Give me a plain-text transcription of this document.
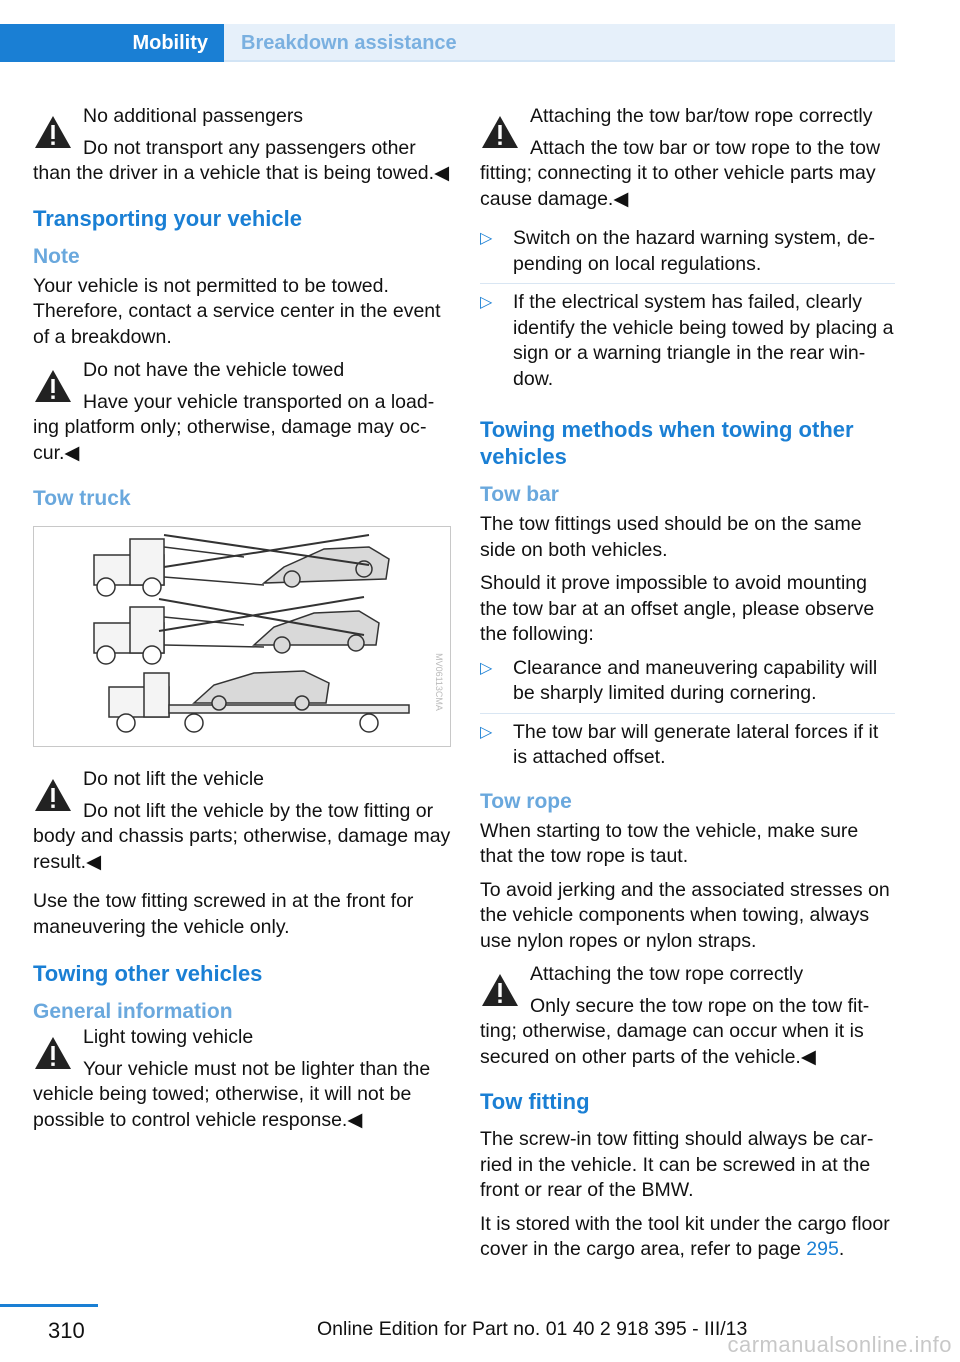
Mobility	Breakdown assistance
No additional passengers
Do not transport any passengers other than the driver in a vehicle that is being towed.◀
Transporting your vehicle
Note
Your vehicle is not permitted to be towed. Therefore, contact a service center in the event of a breakdown.
Do not have the vehicle towed
Have your vehicle transported on a loading platform only; otherwise, damage may occur.◀
Tow truck
MV06113CMA
Do not lift the vehicle
Do not lift the vehicle by the tow fitting or body and chassis parts; otherwise, damage may result.◀
Use the tow fitting screwed in at the front for maneuvering the vehicle only.
Towing other vehicles
General information
Light towing vehicle
Your vehicle must not be lighter than the vehicle being towed; otherwise, it will not be possible to control vehicle response.◀
Attaching the tow bar/tow rope correctly
Attach the tow bar or tow rope to the tow fitting; connecting it to other vehicle parts may cause damage.◀
▷ Switch on the hazard warning system, depending on local regulations.
▷ If the electrical system has failed, clearly identify the vehicle being towed by placing a sign or a warning triangle in the rear window.
Towing methods when towing other vehicles
Tow bar
The tow fittings used should be on the same side on both vehicles.
Should it prove impossible to avoid mounting the tow bar at an offset angle, please observe the following:
▷ Clearance and maneuvering capability will be sharply limited during cornering.
▷ The tow bar will generate lateral forces if it is attached offset.
Tow rope
When starting to tow the vehicle, make sure that the tow rope is taut.
To avoid jerking and the associated stresses on the vehicle components when towing, always use nylon ropes or nylon straps.
Attaching the tow rope correctly
Only secure the tow rope on the tow fitting; otherwise, damage can occur when it is secured on other parts of the vehicle.◀
Tow fitting
The screw-in tow fitting should always be carried in the vehicle. It can be screwed in at the front or rear of the BMW.
It is stored with the tool kit under the cargo floor cover in the cargo area, refer to page 295.
310	Online Edition for Part no. 01 40 2 918 395 - III/13
carmanualsonline.info
